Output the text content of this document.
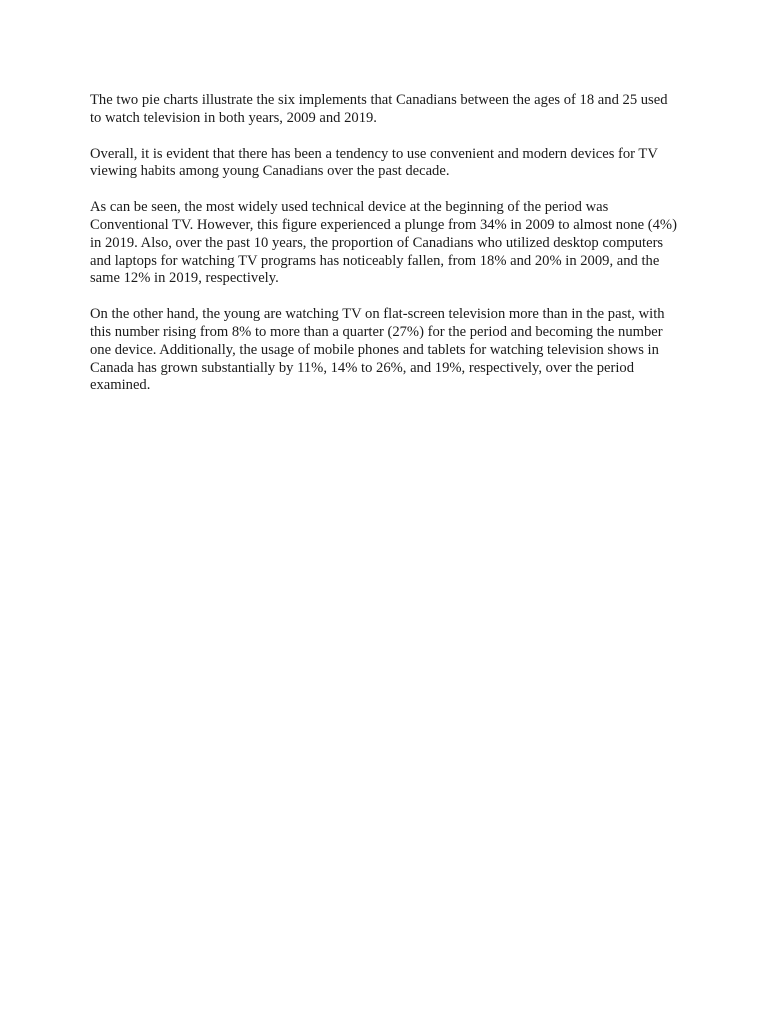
The two pie charts illustrate the six implements that Canadians between the ages of 18 and 25 used to watch television in both years, 2009 and 2019.

Overall, it is evident that there has been a tendency to use convenient and modern devices for TV viewing habits among young Canadians over the past decade.

As can be seen, the most widely used technical device at the beginning of the period was Conventional TV. However, this figure experienced a plunge from 34% in 2009 to almost none (4%) in 2019. Also, over the past 10 years, the proportion of Canadians who utilized desktop computers and laptops for watching TV programs has noticeably fallen, from 18% and 20% in 2009, and the same 12% in 2019, respectively.

On the other hand, the young are watching TV on flat-screen television more than in the past, with this number rising from 8% to more than a quarter (27%) for the period and becoming the number one device. Additionally, the usage of mobile phones and tablets for watching television shows in Canada has grown substantially by 11%, 14% to 26%, and 19%, respectively, over the period examined.
